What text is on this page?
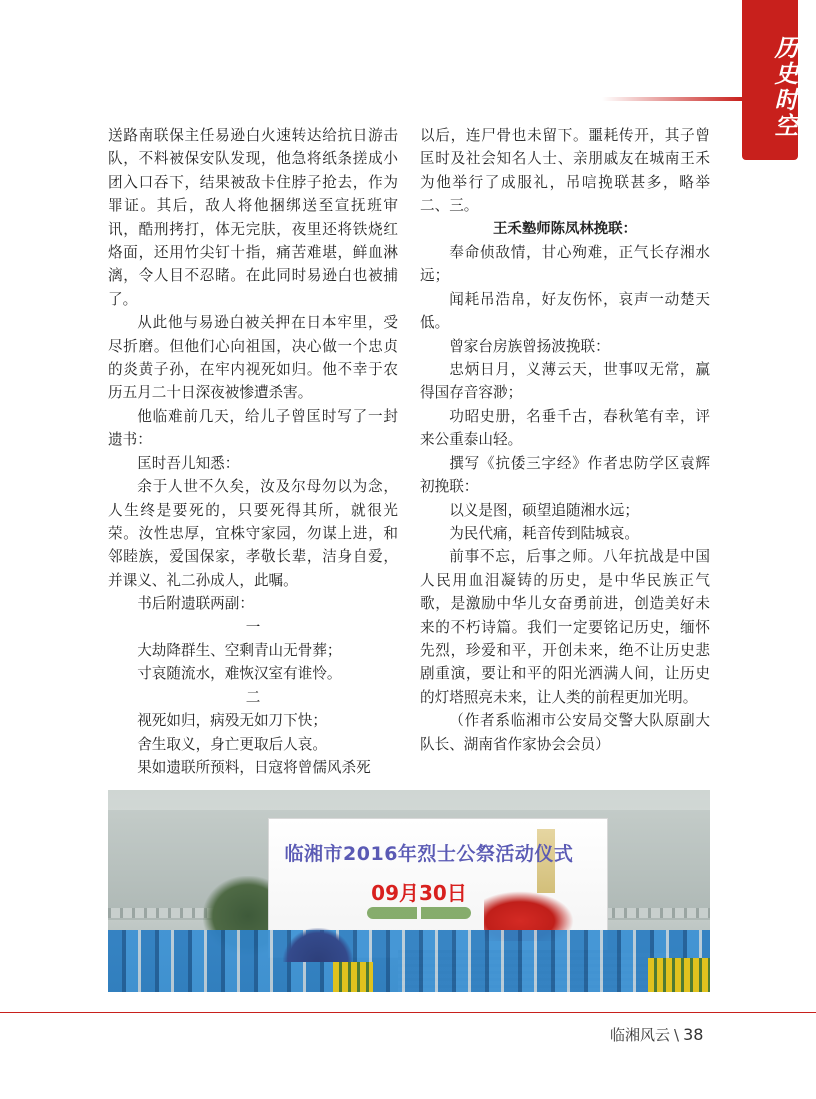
历史时空

送路南联保主任易逊白火速转达给抗日游击队，不料被保安队发现，他急将纸条搓成小团入口吞下，结果被敌卡住脖子抢去，作为罪证。其后，敌人将他捆绑送至宣抚班审讯，酷刑拷打，体无完肤，夜里还将铁烧红烙面，还用竹尖钉十指，痛苦难堪，鲜血淋漓，令人目不忍睹。在此同时易逊白也被捕了。

从此他与易逊白被关押在日本牢里，受尽折磨。但他们心向祖国，决心做一个忠贞的炎黄子孙，在牢内视死如归。他不幸于农历五月二十日深夜被惨遭杀害。

他临难前几天，给儿子曾匡时写了一封遗书：

匡时吾儿知悉：

余于人世不久矣，汝及尔母勿以为念，人生终是要死的，只要死得其所，就很光荣。汝性忠厚，宜株守家园，勿谋上进，和邻睦族，爱国保家，孝敬长辈，洁身自爱，并课义、礼二孙成人，此嘱。

书后附遗联两副：

一

大劫降群生、空剩青山无骨葬；

寸哀随流水，难恢汉室有谁怜。

二

视死如归，病殁无如刀下快；

舍生取义，身亡更取后人哀。

果如遗联所预料，日寇将曾儒风杀死

以后，连尸骨也未留下。噩耗传开，其子曾匡时及社会知名人士、亲朋戚友在城南王禾为他举行了成服礼，吊唁挽联甚多，略举二、三。

王禾塾师陈凤林挽联：

奉命侦敌情，甘心殉难，正气长存湘水远；

闻耗吊浩帛，好友伤怀，哀声一动楚天低。

曾家台房族曾扬波挽联：

忠炳日月，义薄云天，世事叹无常，赢得国存音容渺；

功昭史册，名垂千古，春秋笔有幸，评来公重泰山轻。

撰写《抗倭三字经》作者忠防学区袁辉初挽联：

以义是图，硕望追随湘水远；

为民代痛，耗音传到陆城哀。

前事不忘，后事之师。八年抗战是中国人民用血泪凝铸的历史，是中华民族正气歌，是激励中华儿女奋勇前进，创造美好未来的不朽诗篇。我们一定要铭记历史，缅怀先烈，珍爱和平，开创未来，绝不让历史悲剧重演，要让和平的阳光洒满人间，让历史的灯塔照亮未来，让人类的前程更加光明。

（作者系临湘市公安局交警大队原副大队长、湖南省作家协会会员）

临湘市2016年烈士公祭活动仪式
09月30日
临湘风云 \ 38
